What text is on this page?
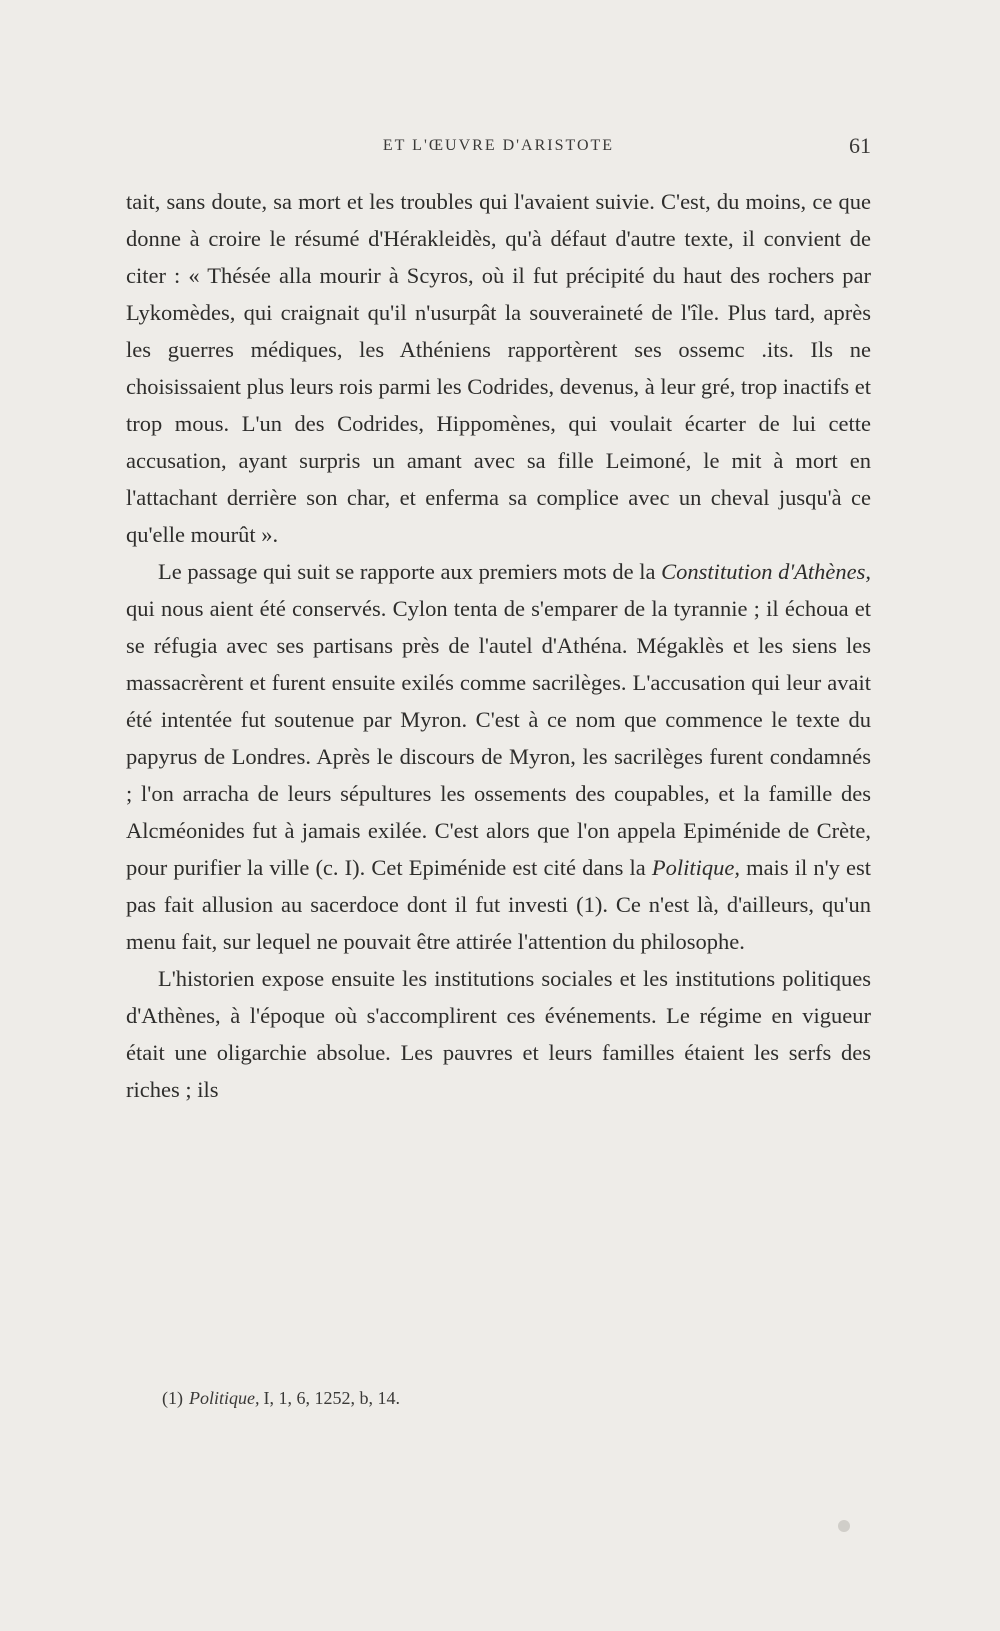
ET L'ŒUVRE D'ARISTOTE	61

tait, sans doute, sa mort et les troubles qui l'avaient suivie. C'est, du moins, ce que donne à croire le résumé d'Hérakleidès, qu'à défaut d'autre texte, il convient de citer : « Thésée alla mourir à Scyros, où il fut précipité du haut des rochers par Lykomèdes, qui craignait qu'il n'usurpât la souveraineté de l'île. Plus tard, après les guerres médiques, les Athéniens rapportèrent ses ossemc .its. Ils ne choisissaient plus leurs rois parmi les Codrides, devenus, à leur gré, trop inactifs et trop mous. L'un des Codrides, Hippomènes, qui voulait écarter de lui cette accusation, ayant surpris un amant avec sa fille Leimoné, le mit à mort en l'attachant derrière son char, et enferma sa complice avec un cheval jusqu'à ce qu'elle mourût ».

Le passage qui suit se rapporte aux premiers mots de la Constitution d'Athènes, qui nous aient été conservés. Cylon tenta de s'emparer de la tyrannie ; il échoua et se réfugia avec ses partisans près de l'autel d'Athéna. Mégaklès et les siens les massacrèrent et furent ensuite exilés comme sacrilèges. L'accusation qui leur avait été intentée fut soutenue par Myron. C'est à ce nom que commence le texte du papyrus de Londres. Après le discours de Myron, les sacrilèges furent condamnés ; l'on arracha de leurs sépultures les ossements des coupables, et la famille des Alcméonides fut à jamais exilée. C'est alors que l'on appela Epiménide de Crète, pour purifier la ville (c. I). Cet Epiménide est cité dans la Politique, mais il n'y est pas fait allusion au sacerdoce dont il fut investi (1). Ce n'est là, d'ailleurs, qu'un menu fait, sur lequel ne pouvait être attirée l'attention du philosophe.

L'historien expose ensuite les institutions sociales et les institutions politiques d'Athènes, à l'époque où s'accomplirent ces événements. Le régime en vigueur était une oligarchie absolue. Les pauvres et leurs familles étaient les serfs des riches ; ils

(1) Politique, I, 1, 6, 1252, b, 14.
